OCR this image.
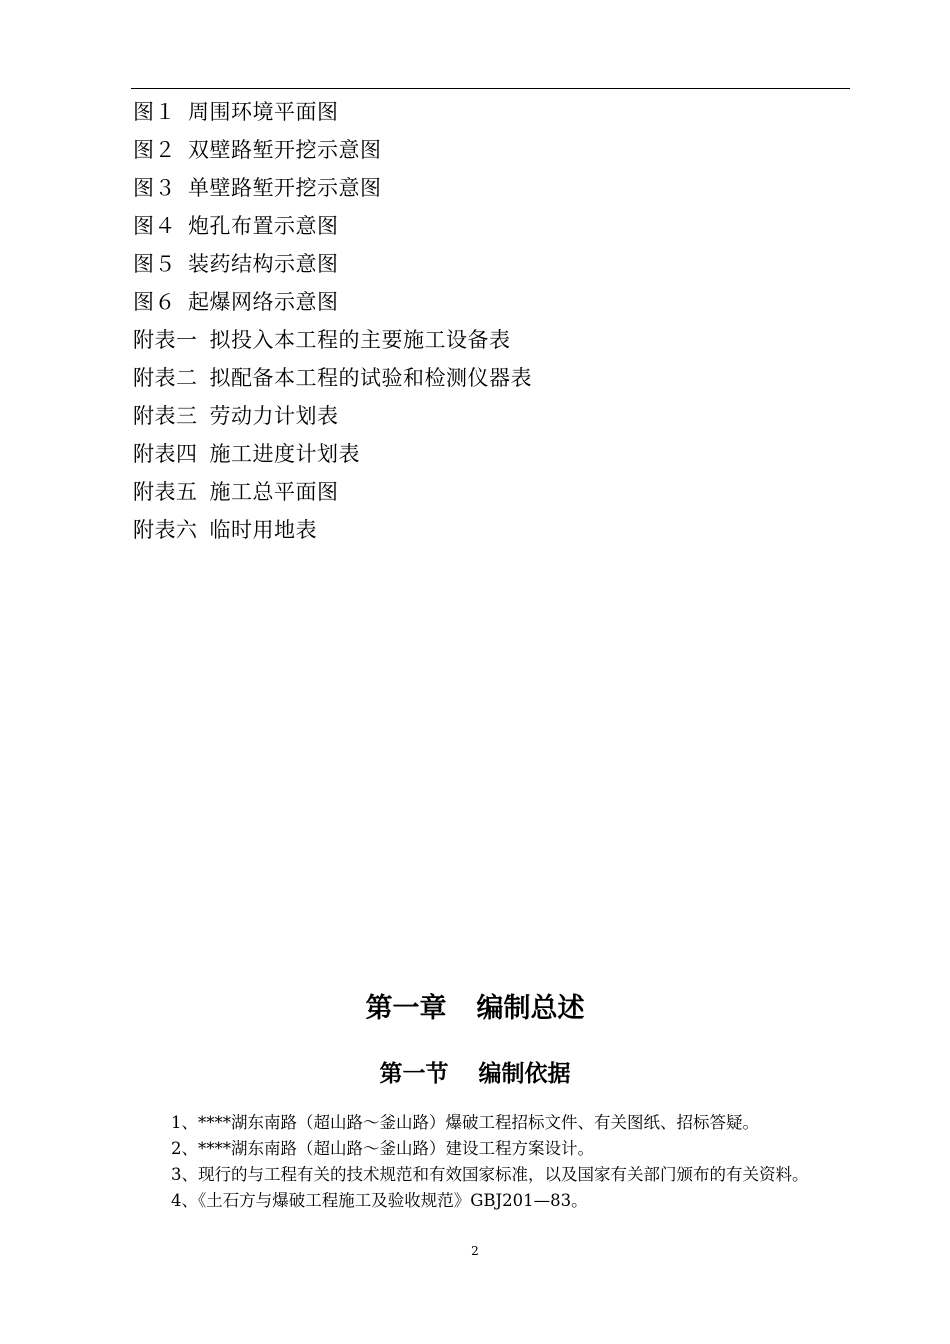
图１ 周围环境平面图
图２ 双壁路堑开挖示意图
图３ 单壁路堑开挖示意图
图４ 炮孔布置示意图
图５ 装药结构示意图
图６ 起爆网络示意图
附表一 拟投入本工程的主要施工设备表
附表二 拟配备本工程的试验和检测仪器表
附表三 劳动力计划表
附表四 施工进度计划表
附表五 施工总平面图
附表六 临时用地表
第一章 编制总述
第一节 编制依据

1、****湖东南路（超山路～釜山路）爆破工程招标文件、有关图纸、招标答疑。

2、****湖东南路（超山路～釜山路）建设工程方案设计。

3、现行的与工程有关的技术规范和有效国家标准，以及国家有关部门颁布的有关资料。

4、《土石方与爆破工程施工及验收规范》GBJ201—83。

2
